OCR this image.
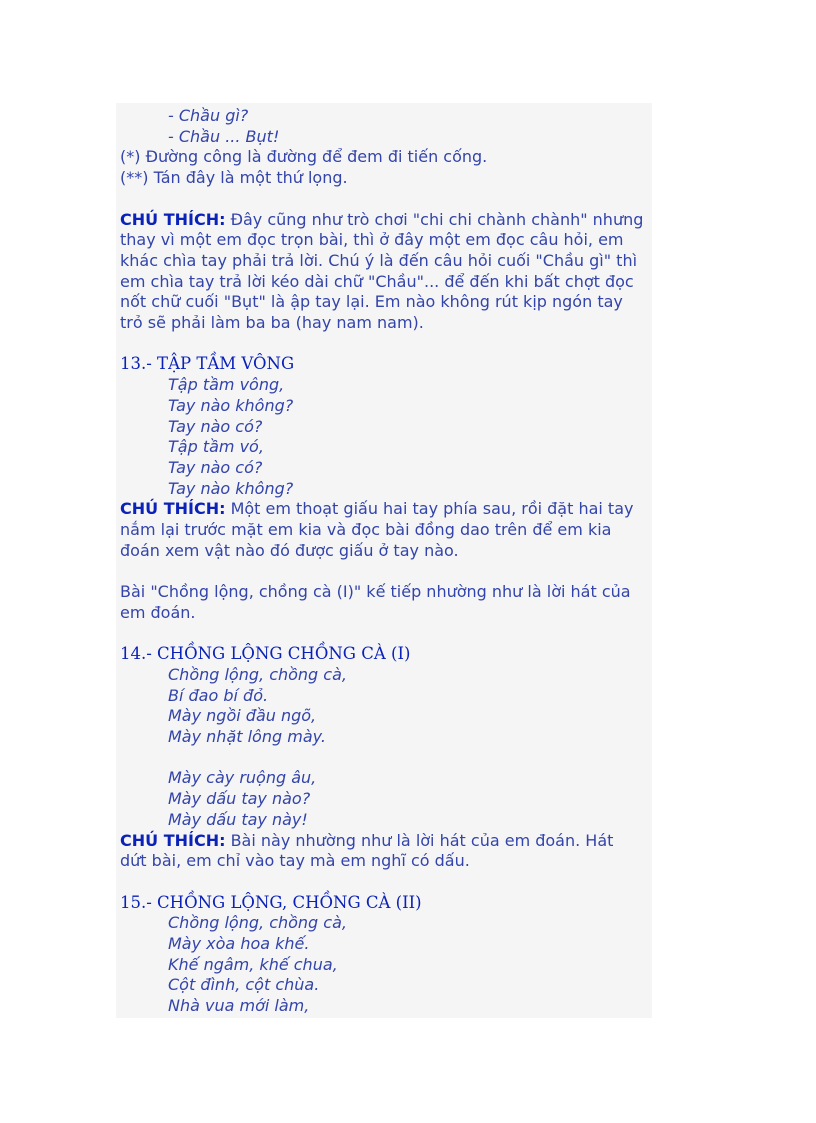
- Chầu gì?

- Chầu ... Bụt!

(*) Đường công là đường để đem đi tiến cống.

(**) Tán đây là một thứ lọng.

CHÚ THÍCH: Đây cũng như trò chơi "chi chi chành chành" nhưng

thay vì một em đọc trọn bài, thì ở đây một em đọc câu hỏi, em

khác chìa tay phải trả lời. Chú ý là đến câu hỏi cuối "Chầu gì" thì

em chìa tay trả lời kéo dài chữ "Chầu"... để đến khi bất chợt đọc

nốt chữ cuối "Bụt" là ập tay lại. Em nào không rút kịp ngón tay

trỏ sẽ phải làm ba ba (hay nam nam).

13.- TẬP TẦM VÔNG

Tập tầm vông,

Tay nào không?

Tay nào có?

Tập tầm vó,

Tay nào có?

Tay nào không?

CHÚ THÍCH: Một em thoạt giấu hai tay phía sau, rồi đặt hai tay

nắm lại trước mặt em kia và đọc bài đồng dao trên để em kia

đoán xem vật nào đó được giấu ở tay nào.

Bài "Chồng lộng, chồng cà (I)" kế tiếp nhường như là lời hát của

em đoán.

14.- CHỒNG LỘNG CHỒNG CÀ (I)

Chồng lộng, chồng cà,

Bí đao bí đỏ.

Mày ngồi đầu ngõ,

Mày nhặt lông mày.

Mày cày ruộng âu,

Mày dấu tay nào?

Mày dấu tay này!

CHÚ THÍCH: Bài này nhường như là lời hát của em đoán. Hát

dứt bài, em chỉ vào tay mà em nghĩ có dấu.

15.- CHỒNG LỘNG, CHỒNG CÀ (II)

Chồng lộng, chồng cà,

Mày xòa hoa khế.

Khế ngâm, khế chua,

Cột đình, cột chùa.

Nhà vua mới làm,
